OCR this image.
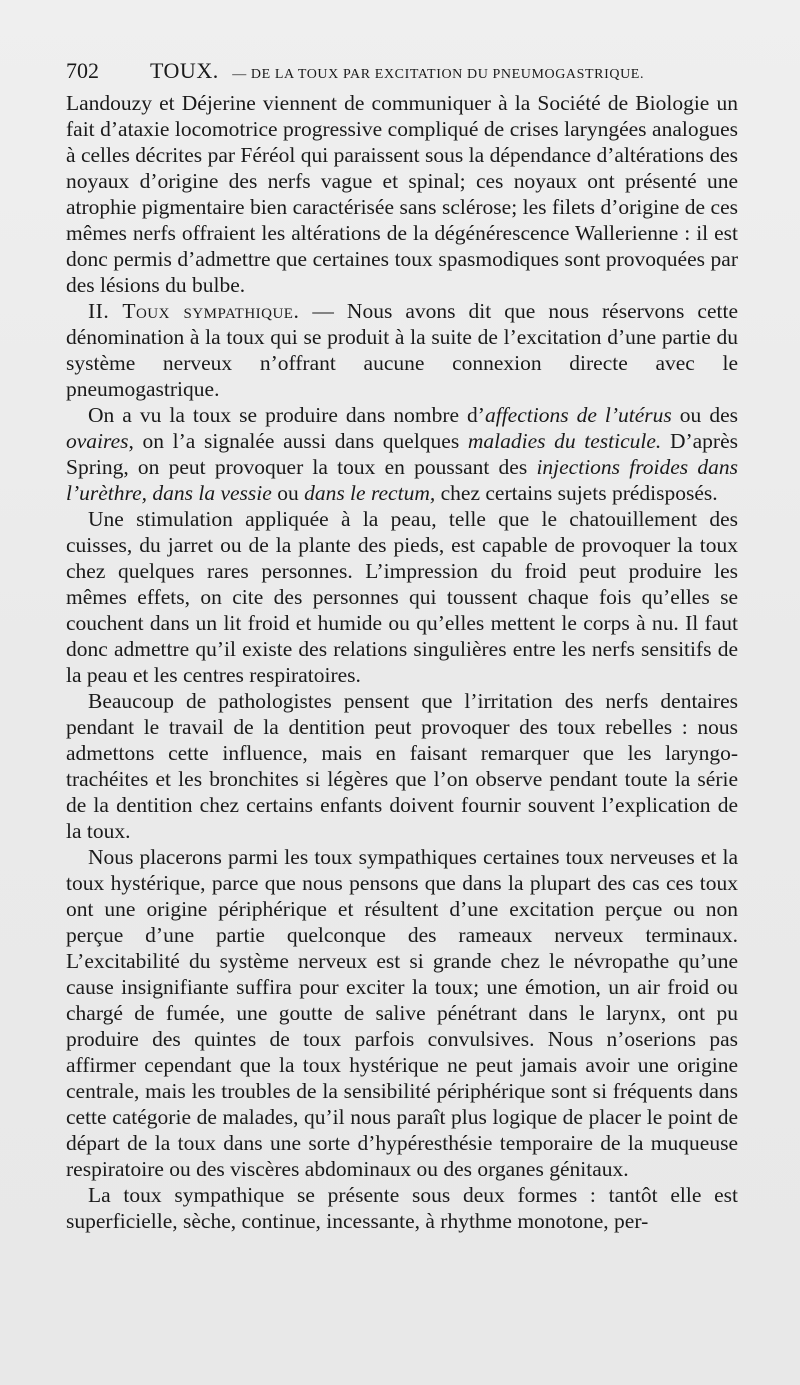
702 TOUX. — DE LA TOUX PAR EXCITATION DU PNEUMOGASTRIQUE.

Landouzy et Déjerine viennent de communiquer à la Société de Biologie un fait d’ataxie locomotrice progressive compliqué de crises laryngées analogues à celles décrites par Féréol qui paraissent sous la dépendance d’altérations des noyaux d’origine des nerfs vague et spinal; ces noyaux ont présenté une atrophie pigmentaire bien caractérisée sans sclérose; les filets d’origine de ces mêmes nerfs offraient les altérations de la dégénérescence Wallerienne : il est donc permis d’admettre que certaines toux spasmodiques sont provoquées par des lésions du bulbe.

II. Toux sympathique. — Nous avons dit que nous réservons cette dénomination à la toux qui se produit à la suite de l’excitation d’une partie du système nerveux n’offrant aucune connexion directe avec le pneumogastrique.

On a vu la toux se produire dans nombre d’affections de l’utérus ou des ovaires, on l’a signalée aussi dans quelques maladies du testicule. D’après Spring, on peut provoquer la toux en poussant des injections froides dans l’urèthre, dans la vessie ou dans le rectum, chez certains sujets prédisposés.

Une stimulation appliquée à la peau, telle que le chatouillement des cuisses, du jarret ou de la plante des pieds, est capable de provoquer la toux chez quelques rares personnes. L’impression du froid peut produire les mêmes effets, on cite des personnes qui toussent chaque fois qu’elles se couchent dans un lit froid et humide ou qu’elles mettent le corps à nu. Il faut donc admettre qu’il existe des relations singulières entre les nerfs sensitifs de la peau et les centres respiratoires.

Beaucoup de pathologistes pensent que l’irritation des nerfs dentaires pendant le travail de la dentition peut provoquer des toux rebelles : nous admettons cette influence, mais en faisant remarquer que les laryngo-trachéites et les bronchites si légères que l’on observe pendant toute la série de la dentition chez certains enfants doivent fournir souvent l’explication de la toux.

Nous placerons parmi les toux sympathiques certaines toux nerveuses et la toux hystérique, parce que nous pensons que dans la plupart des cas ces toux ont une origine périphérique et résultent d’une excitation perçue ou non perçue d’une partie quelconque des rameaux nerveux terminaux. L’excitabilité du système nerveux est si grande chez le névropathe qu’une cause insignifiante suffira pour exciter la toux; une émotion, un air froid ou chargé de fumée, une goutte de salive pénétrant dans le larynx, ont pu produire des quintes de toux parfois convulsives. Nous n’oserions pas affirmer cependant que la toux hystérique ne peut jamais avoir une origine centrale, mais les troubles de la sensibilité périphérique sont si fréquents dans cette catégorie de malades, qu’il nous paraît plus logique de placer le point de départ de la toux dans une sorte d’hypéresthésie temporaire de la muqueuse respiratoire ou des viscères abdominaux ou des organes génitaux.

La toux sympathique se présente sous deux formes : tantôt elle est superficielle, sèche, continue, incessante, à rhythme monotone, per-
